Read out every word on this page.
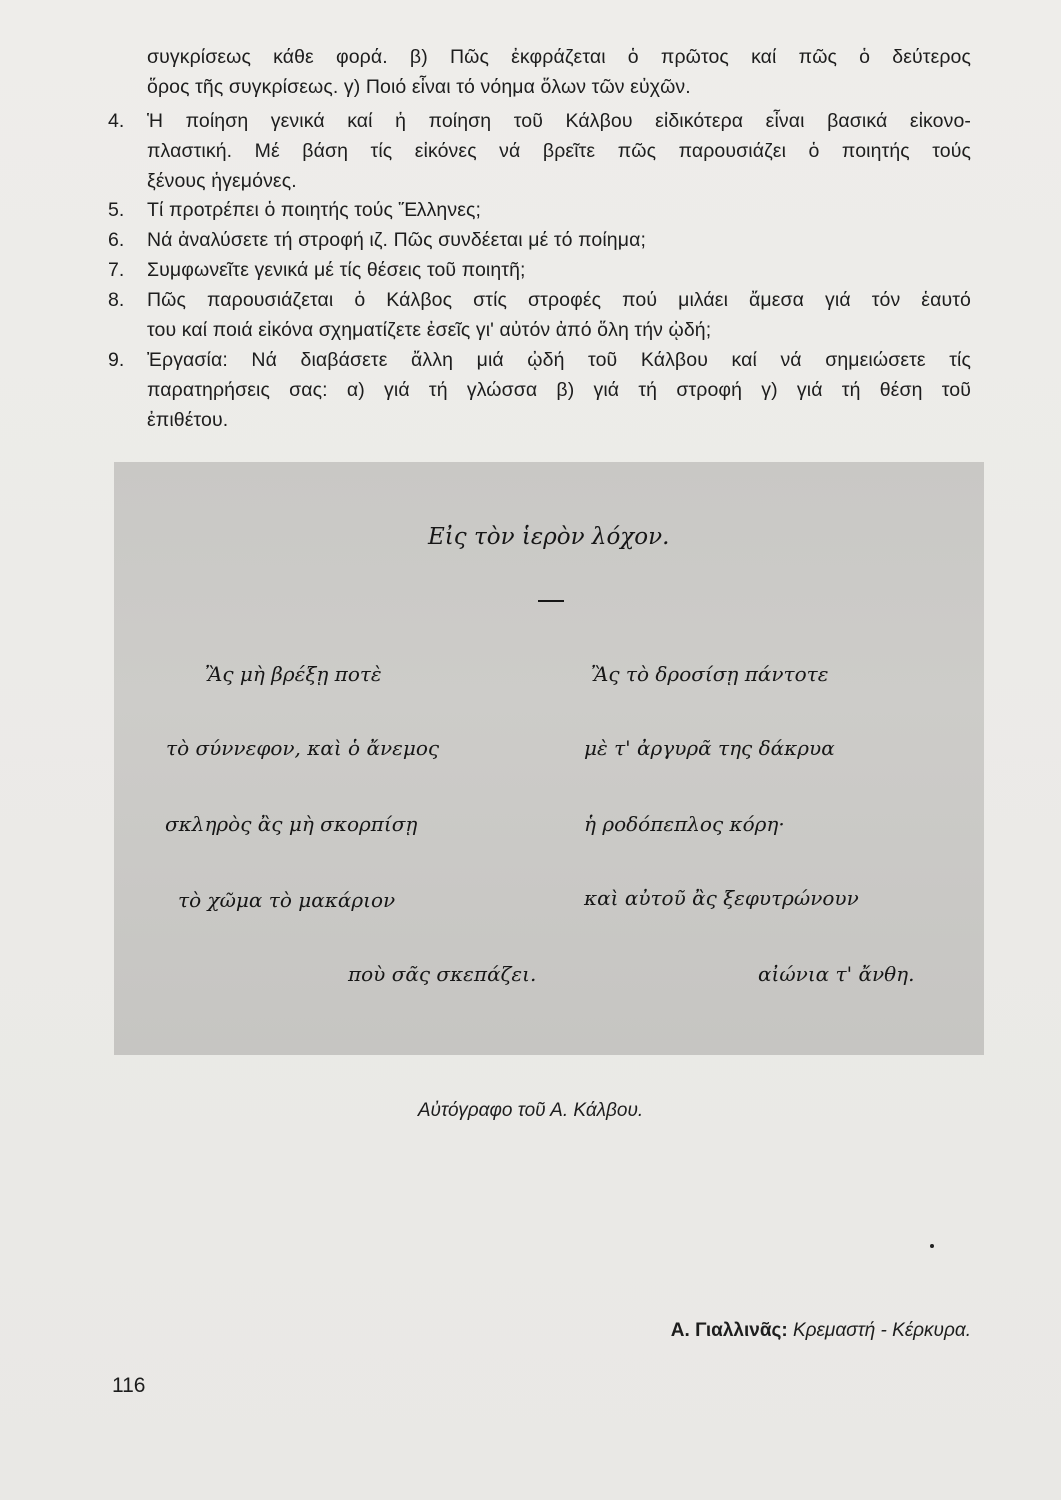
συγκρίσεως κάθε φορά. β) Πῶς ἐκφράζεται ὁ πρῶτος καί πῶς ὁ δεύτερος
ὅρος τῆς συγκρίσεως. γ) Ποιό εἶναι τό νόημα ὅλων τῶν εὐχῶν.
4. Ἡ ποίηση γενικά καί ἡ ποίηση τοῦ Κάλβου εἰδικότερα εἶναι βασικά εἰκονο-
πλαστική. Μέ βάση τίς εἰκόνες νά βρεῖτε πῶς παρουσιάζει ὁ ποιητής τούς
ξένους ἡγεμόνες.
5. Τί προτρέπει ὁ ποιητής τούς Ἕλληνες;
6. Νά ἀναλύσετε τή στροφή ιζ. Πῶς συνδέεται μέ τό ποίημα;
7. Συμφωνεῖτε γενικά μέ τίς θέσεις τοῦ ποιητῆ;
8. Πῶς παρουσιάζεται ὁ Κάλβος στίς στροφές πού μιλάει ἄμεσα γιά τόν ἑαυτό
του καί ποιά εἰκόνα σχηματίζετε ἐσεῖς γι' αὐτόν ἀπό ὅλη τήν ᾠδή;
9. Ἐργασία: Νά διαβάσετε ἄλλη μιά ᾠδή τοῦ Κάλβου καί νά σημειώσετε τίς
παρατηρήσεις σας: α) γιά τή γλώσσα β) γιά τή στροφή γ) γιά τή θέση τοῦ
ἐπιθέτου.
Εἰς τὸν ἱερὸν λόχον.
Ἂς μὴ βρέξῃ ποτὲ
τὸ σύννεφον, καὶ ὁ ἄνεμος
σκληρὸς ἂς μὴ σκορπίσῃ
τὸ χῶμα τὸ μακάριον
ποὺ σᾶς σκεπάζει.
Ἂς τὸ δροσίσῃ πάντοτε
μὲ τ' ἀργυρᾶ της δάκρυα
ἡ ροδόπεπλος κόρη·
καὶ αὐτοῦ ἂς ξεφυτρώνουν
αἰώνια τ' ἄνθη.
Αὐτόγραφο τοῦ Α. Κάλβου.
Α. Γιαλλινᾶς: Κρεμαστή - Κέρκυρα.
116
